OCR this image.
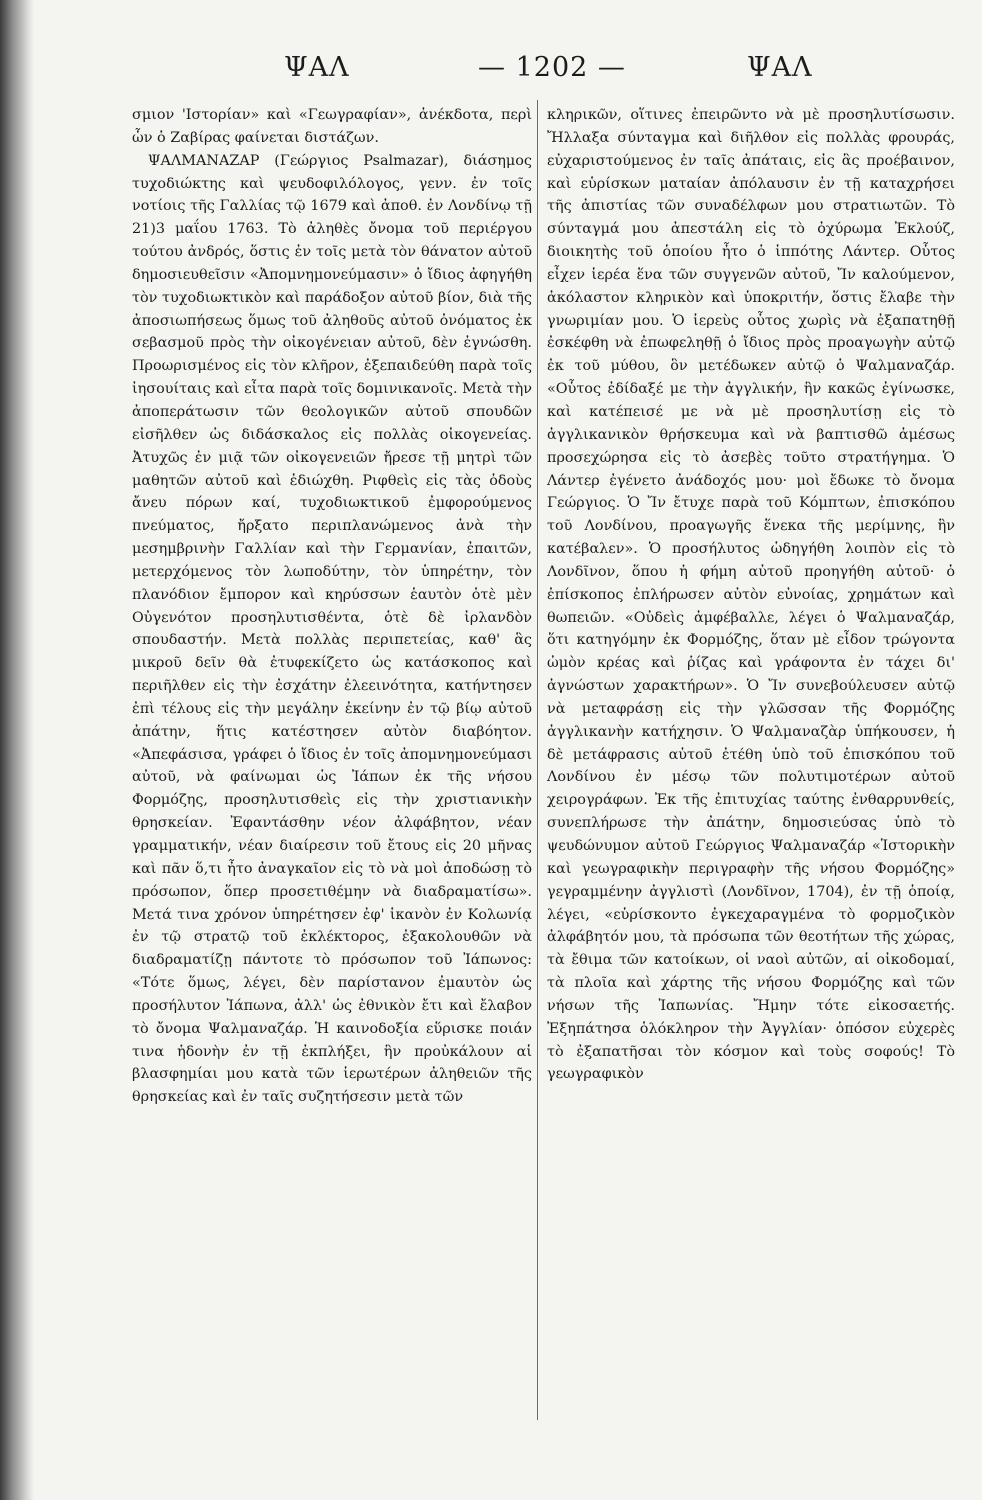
ΨΑΛ	— 1202 —	ΨΑΛ

σμιον 'Ιστορίαν» καὶ «Γεωγραφίαν», ἀνέκδοτα, περὶ ὧν ὁ Ζαβίρας φαίνεται διστάζων.

ΨΑΛΜΑΝΑΖΑΡ (Γεώργιος Psalmazar), διάσημος τυχοδιώκτης καὶ ψευδοφιλόλογος, γενν. ἐν τοῖς νοτίοις τῆς Γαλλίας τῷ 1679 καὶ ἀποθ. ἐν Λονδίνῳ τῇ 21)3 μαΐου 1763. Τὸ ἀληθὲς ὄνομα τοῦ περιέργου τούτου ἀνδρός, ὅστις ἐν τοῖς μετὰ τὸν θάνατον αὐτοῦ δημοσιευθεῖσιν «Ἀπομνημονεύμασιν» ὁ ἴδιος ἀφηγήθη τὸν τυχοδιωκτικὸν καὶ παράδοξον αὐτοῦ βίον, διὰ τῆς ἀποσιωπήσεως ὅμως τοῦ ἀληθοῦς αὐτοῦ ὀνόματος ἐκ σεβασμοῦ πρὸς τὴν οἰκογένειαν αὐτοῦ, δὲν ἐγνώσθη. Προωρισμένος εἰς τὸν κλῆρον, ἐξεπαιδεύθη παρὰ τοῖς ἰησουίταις καὶ εἶτα παρὰ τοῖς δομινικανοῖς. Μετὰ τὴν ἀποπεράτωσιν τῶν θεολογικῶν αὐτοῦ σπουδῶν εἰσῆλθεν ὡς διδάσκαλος εἰς πολλὰς οἰκογενείας. Ἀτυχῶς ἐν μιᾷ τῶν οἰκογενειῶν ἤρεσε τῇ μητρὶ τῶν μαθητῶν αὐτοῦ καὶ ἐδιώχθη. Ριφθεὶς εἰς τὰς ὁδοὺς ἄνευ πόρων καί, τυχοδιωκτικοῦ ἐμφορούμενος πνεύματος, ἤρξατο περιπλανώμενος ἀνὰ τὴν μεσημβρινὴν Γαλλίαν καὶ τὴν Γερμανίαν, ἐπαιτῶν, μετερχόμενος τὸν λωποδύτην, τὸν ὑπηρέτην, τὸν πλανόδιον ἔμπορον καὶ κηρύσσων ἑαυτὸν ὁτὲ μὲν Οὐγενότον προσηλυτισθέντα, ὁτὲ δὲ ἰρλανδὸν σπουδαστήν. Μετὰ πολλὰς περιπετείας, καθ' ἃς μικροῦ δεῖν θὰ ἐτυφεκίζετο ὡς κατάσκοπος καὶ περιῆλθεν εἰς τὴν ἐσχάτην ἐλεεινότητα, κατήντησεν ἐπὶ τέλους εἰς τὴν μεγάλην ἐκείνην ἐν τῷ βίῳ αὐτοῦ ἀπάτην, ἥτις κατέστησεν αὐτὸν διαβόητον. «Ἀπεφάσισα, γράφει ὁ ἴδιος ἐν τοῖς ἀπομνημονεύμασι αὐτοῦ, νὰ φαίνωμαι ὡς Ἰάπων ἐκ τῆς νήσου Φορμόζης, προσηλυτισθεὶς εἰς τὴν χριστιανικὴν θρησκείαν. Ἐφαντάσθην νέον ἀλφάβητον, νέαν γραμματικήν, νέαν διαίρεσιν τοῦ ἔτους εἰς 20 μῆνας καὶ πᾶν ὅ,τι ἦτο ἀναγκαῖον εἰς τὸ νὰ μοὶ ἀποδώσῃ τὸ πρόσωπον, ὅπερ προσετιθέμην νὰ διαδραματίσω». Μετά τινα χρόνον ὑπηρέτησεν ἐφ' ἱκανὸν ἐν Κολωνίᾳ ἐν τῷ στρατῷ τοῦ ἐκλέκτορος, ἐξακολουθῶν νὰ διαδραματίζῃ πάντοτε τὸ πρόσωπον τοῦ Ἰάπωνος: «Τότε ὅμως, λέγει, δὲν παρίστανον ἐμαυτὸν ὡς προσήλυτον Ἰάπωνα, ἀλλ' ὡς ἐθνικὸν ἔτι καὶ ἔλαβον τὸ ὄνομα Ψαλμαναζάρ. Ἡ καινοδοξία εὕρισκε ποιάν τινα ἡδονὴν ἐν τῇ ἐκπλήξει, ἣν προὐκάλουν αἱ βλασφημίαι μου κατὰ τῶν ἱερωτέρων ἀληθειῶν τῆς θρησκείας καὶ ἐν ταῖς συζητήσεσιν μετὰ τῶν

κληρικῶν, οἵτινες ἐπειρῶντο νὰ μὲ προσηλυτίσωσιν. Ἤλλαξα σύνταγμα καὶ διῆλθον εἰς πολλὰς φρουράς, εὐχαριστούμενος ἐν ταῖς ἀπάταις, εἰς ἃς προέβαινον, καὶ εὑρίσκων ματαίαν ἀπόλαυσιν ἐν τῇ καταχρήσει τῆς ἀπιστίας τῶν συναδέλφων μου στρατιωτῶν. Τὸ σύνταγμά μου ἀπεστάλη εἰς τὸ ὀχύρωμα Ἐκλούζ, διοικητὴς τοῦ ὁποίου ἦτο ὁ ἱππότης Λάντερ. Οὗτος εἶχεν ἱερέα ἕνα τῶν συγγενῶν αὐτοῦ, Ἴν καλούμενον, ἀκόλαστον κληρικὸν καὶ ὑποκριτήν, ὅστις ἔλαβε τὴν γνωριμίαν μου. Ὁ ἱερεὺς οὗτος χωρὶς νὰ ἐξαπατηθῇ ἐσκέφθη νὰ ἐπωφεληθῇ ὁ ἴδιος πρὸς προαγωγὴν αὐτῷ ἐκ τοῦ μύθου, ὃν μετέδωκεν αὐτῷ ὁ Ψαλμαναζάρ. «Οὗτος ἐδίδαξέ με τὴν ἀγγλικήν, ἣν κακῶς ἐγίνωσκε, καὶ κατέπεισέ με νὰ μὲ προσηλυτίσῃ εἰς τὸ ἀγγλικανικὸν θρήσκευμα καὶ νὰ βαπτισθῶ ἀμέσως προσεχώρησα εἰς τὸ ἀσεβὲς τοῦτο στρατήγημα. Ὁ Λάντερ ἐγένετο ἀνάδοχός μου· μοὶ ἔδωκε τὸ ὄνομα Γεώργιος. Ὁ Ἴν ἔτυχε παρὰ τοῦ Κόμπτων, ἐπισκόπου τοῦ Λονδίνου, προαγωγῆς ἕνεκα τῆς μερίμνης, ἣν κατέβαλεν». Ὁ προσήλυτος ὡδηγήθη λοιπὸν εἰς τὸ Λονδῖνον, ὅπου ἡ φήμη αὐτοῦ προηγήθη αὐτοῦ· ὁ ἐπίσκοπος ἐπλήρωσεν αὐτὸν εὐνοίας, χρημάτων καὶ θωπειῶν. «Οὐδεὶς ἀμφέβαλλε, λέγει ὁ Ψαλμαναζάρ, ὅτι κατηγόμην ἐκ Φορμόζης, ὅταν μὲ εἶδον τρώγοντα ὠμὸν κρέας καὶ ῥίζας καὶ γράφοντα ἐν τάχει δι' ἀγνώστων χαρακτήρων». Ὁ Ἴν συνεβούλευσεν αὐτῷ νὰ μεταφράσῃ εἰς τὴν γλῶσσαν τῆς Φορμόζης ἀγγλικανὴν κατήχησιν. Ὁ Ψαλμαναζὰρ ὑπήκουσεν, ἡ δὲ μετάφρασις αὐτοῦ ἐτέθη ὑπὸ τοῦ ἐπισκόπου τοῦ Λονδίνου ἐν μέσῳ τῶν πολυτιμοτέρων αὐτοῦ χειρογράφων. Ἐκ τῆς ἐπιτυχίας ταύτης ἐνθαρρυνθείς, συνεπλήρωσε τὴν ἀπάτην, δημοσιεύσας ὑπὸ τὸ ψευδώνυμον αὐτοῦ Γεώργιος Ψαλμαναζάρ «Ἱστορικὴν καὶ γεωγραφικὴν περιγραφὴν τῆς νήσου Φορμόζης» γεγραμμένην ἀγγλιστὶ (Λονδῖνον, 1704), ἐν τῇ ὁποίᾳ, λέγει, «εὑρίσκοντο ἐγκεχαραγμένα τὸ φορμοζικὸν ἀλφάβητόν μου, τὰ πρόσωπα τῶν θεοτήτων τῆς χώρας, τὰ ἔθιμα τῶν κατοίκων, οἱ ναοὶ αὐτῶν, αἱ οἰκοδομαί, τὰ πλοῖα καὶ χάρτης τῆς νήσου Φορμόζης καὶ τῶν νήσων τῆς Ἰαπωνίας. Ἤμην τότε εἰκοσαετής. Ἐξηπάτησα ὁλόκληρον τὴν Ἀγγλίαν· ὁπόσον εὐχερὲς τὸ ἐξαπατῆσαι τὸν κόσμον καὶ τοὺς σοφούς! Τὸ γεωγραφικὸν
